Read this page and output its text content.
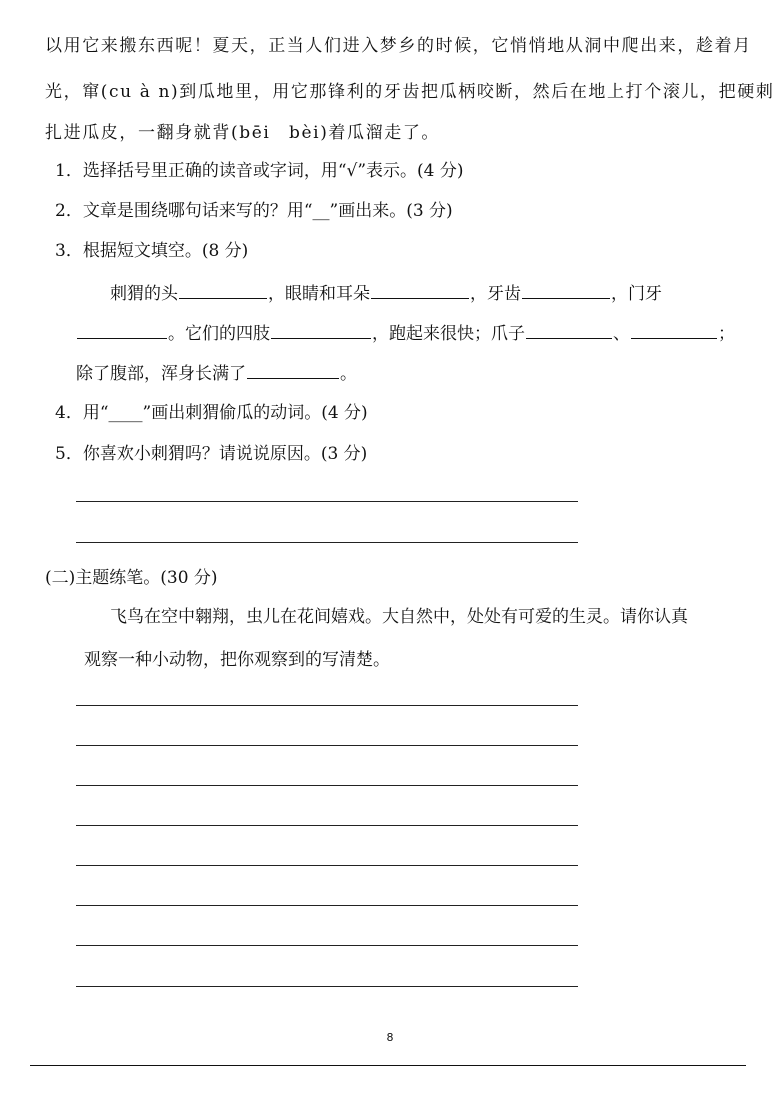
以用它来搬东西呢！夏天，正当人们进入梦乡的时候，它悄悄地从洞中爬出来，趁着月
光，窜(cu à n)到瓜地里，用它那锋利的牙齿把瓜柄咬断，然后在地上打个滚儿，把硬刺
扎进瓜皮，一翻身就背(bēi　bèi)着瓜溜走了。
1．选择括号里正确的读音或字词，用“√”表示。(4 分)
2．文章是围绕哪句话来写的？用“__”画出来。(3 分)
3．根据短文填空。(8 分)
刺猬的头	，眼睛和耳朵	，牙齿	，门牙
。它们的四肢	，跑起来很快；爪子	、	；
除了腹部，浑身长满了	。
4．用“____”画出刺猬偷瓜的动词。(4 分)
5．你喜欢小刺猬吗？请说说原因。(3 分)
(二)主题练笔。(30 分)
飞鸟在空中翱翔，虫儿在花间嬉戏。大自然中，处处有可爱的生灵。请你认真
观察一种小动物，把你观察到的写清楚。
8
